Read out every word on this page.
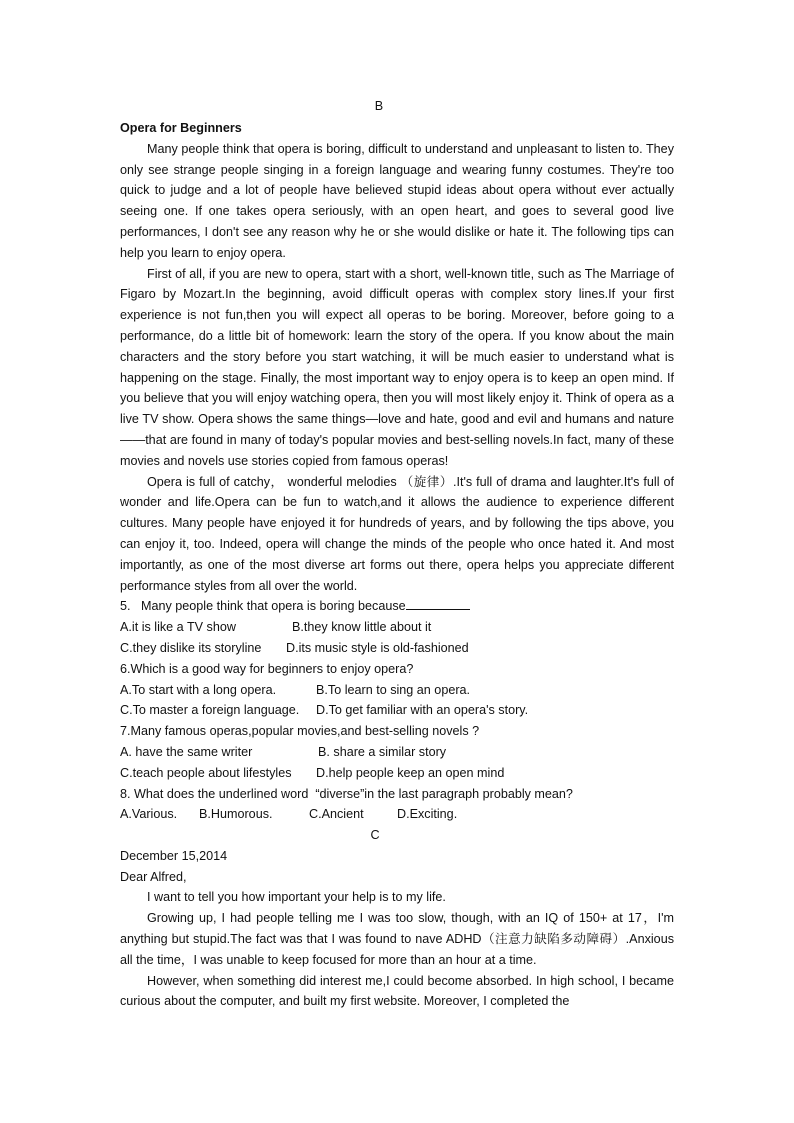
B
Opera for Beginners
Many people think that opera is boring, difficult to understand and unpleasant to listen to. They only see strange people singing in a foreign language and wearing funny costumes. They're too quick to judge and a lot of people have believed stupid ideas about opera without ever actually seeing one. If one takes opera seriously, with an open heart, and goes to several good live performances, I don't see any reason why he or she would dislike or hate it. The following tips can help you learn to enjoy opera.
First of all, if you are new to opera, start with a short, well-known title, such as The Marriage of Figaro by Mozart.In the beginning, avoid difficult operas with complex story lines.If your first experience is not fun,then you will expect all operas to be boring. Moreover, before going to a performance, do a little bit of homework: learn the story of the opera. If you know about the main characters and the story before you start watching, it will be much easier to understand what is happening on the stage. Finally, the most important way to enjoy opera is to keep an open mind. If you believe that you will enjoy watching opera, then you will most likely enjoy it. Think of opera as a live TV show. Opera shows the same things—love and hate, good and evil and humans and nature——that are found in many of today's popular movies and best-selling novels.In fact, many of these movies and novels use stories copied from famous operas!
Opera is full of catchy， wonderful melodies （旋律）.It's full of drama and laughter.It's full of wonder and life.Opera can be fun to watch,and it allows the audience to experience different cultures. Many people have enjoyed it for hundreds of years, and by following the tips above, you can enjoy it, too. Indeed, opera will change the minds of the people who once hated it. And most importantly, as one of the most diverse art forms out there, opera helps you appreciate different performance styles from all over the world.
5.   Many people think that opera is boring because
A.it is like a TV show	B.they know little about it
C.they dislike its storyline D.its music style is old-fashioned
6.Which is a good way for beginners to enjoy opera?
A.To start with a long opera.	B.To learn to sing an opera.
C.To master a foreign language. D.To get familiar with an opera's story.
7.Many famous operas,popular movies,and best-selling novels ?
A. have the same writer	B. share a similar story
C.teach people about lifestyles D.help people keep an open mind
8. What does the underlined word  “diverse”in the last paragraph probably mean?
A.Various. B.Humorous.	C.Ancient	D.Exciting.
C
December 15,2014
Dear Alfred,
I want to tell you how important your help is to my life.
Growing up, I had people telling me I was too slow, though, with an IQ of 150+ at 17，I'm anything but stupid.The fact was that I was found to nave ADHD（注意力缺陷多动障碍）.Anxious all the time，I was unable to keep focused for more than an hour at a time.
However, when something did interest me,I could become absorbed. In high school, I became curious about the computer, and built my first website. Moreover, I completed the
